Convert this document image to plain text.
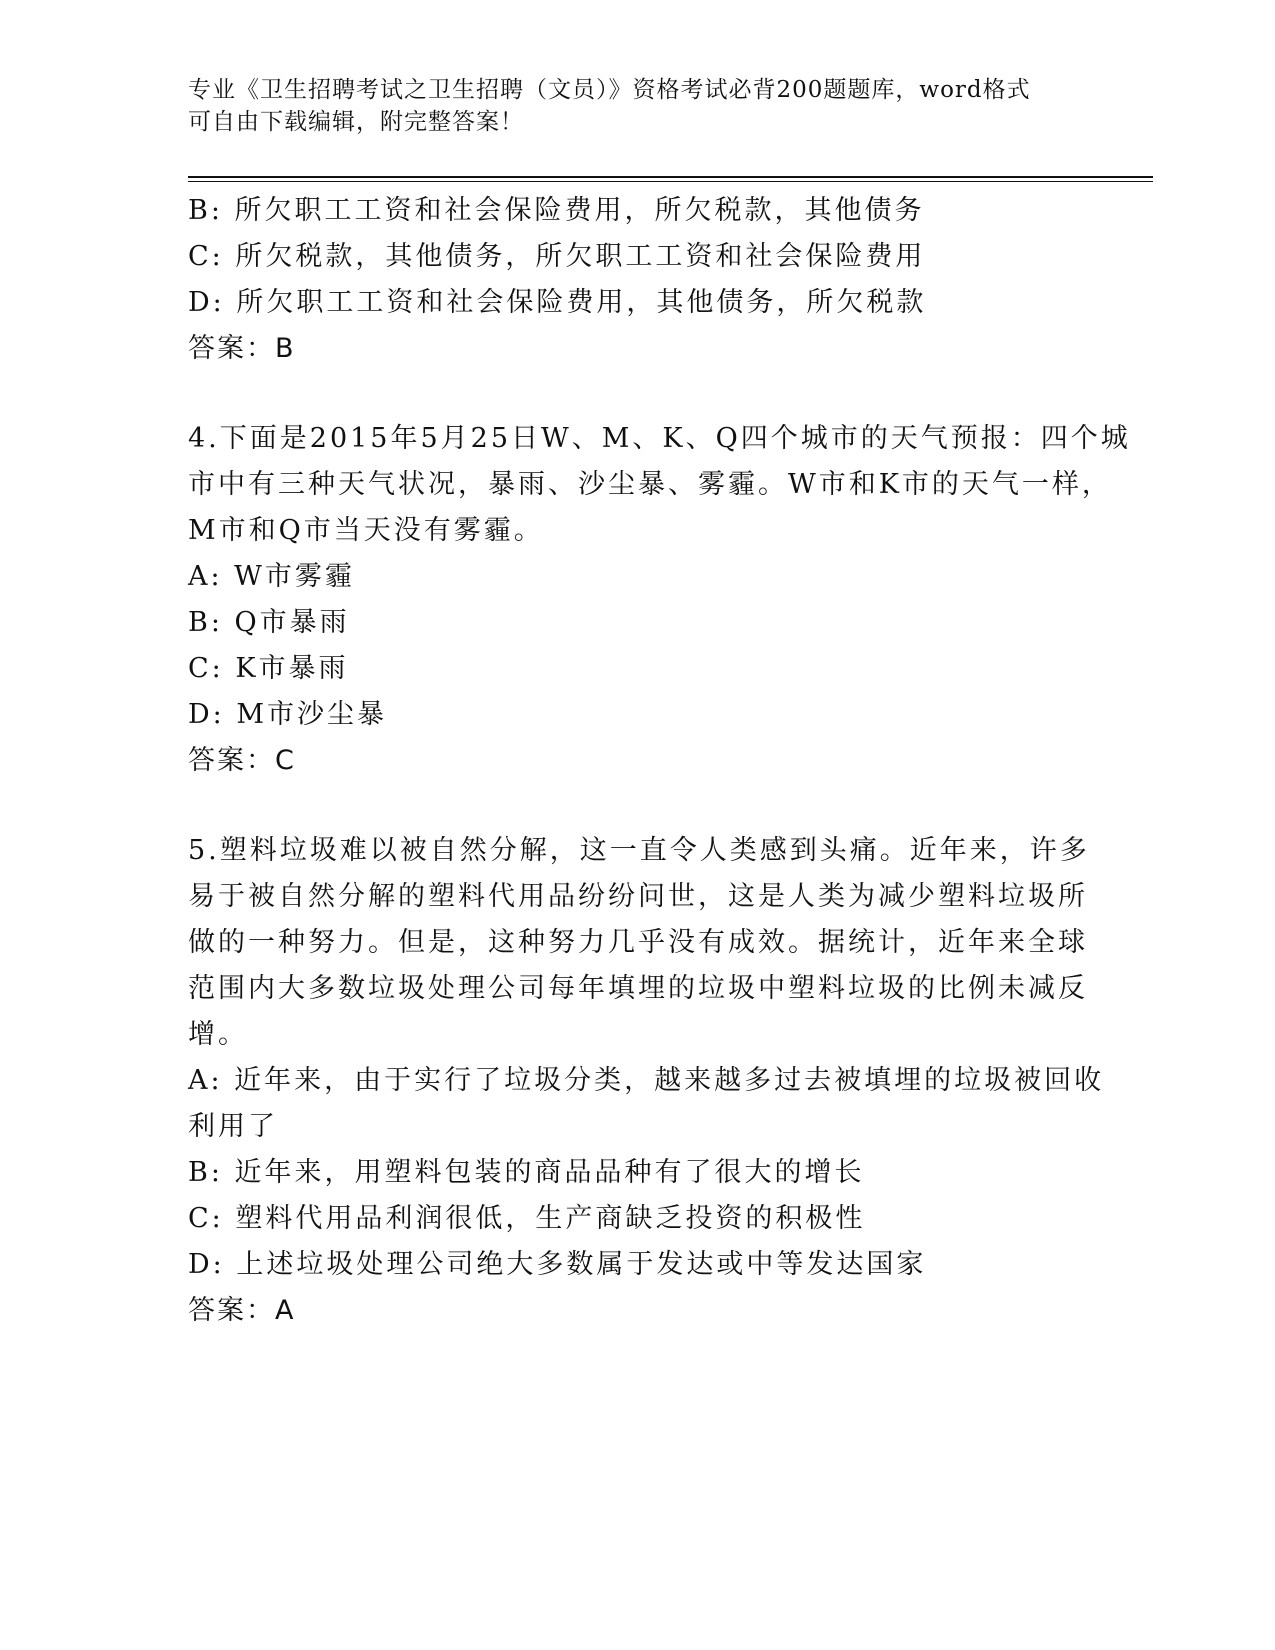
专业《卫生招聘考试之卫生招聘（文员）》资格考试必背200题题库，word格式
可自由下载编辑，附完整答案！
B: 所欠职工工资和社会保险费用，所欠税款，其他债务
C: 所欠税款，其他债务，所欠职工工资和社会保险费用
D: 所欠职工工资和社会保险费用，其他债务，所欠税款
答案：B
4.下面是2015年5月25日W、M、K、Q四个城市的天气预报：四个城
市中有三种天气状况，暴雨、沙尘暴、雾霾。W市和K市的天气一样，
M市和Q市当天没有雾霾。
A: W市雾霾
B: Q市暴雨
C: K市暴雨
D: M市沙尘暴
答案：C
5.塑料垃圾难以被自然分解，这一直令人类感到头痛。近年来，许多
易于被自然分解的塑料代用品纷纷问世，这是人类为减少塑料垃圾所
做的一种努力。但是，这种努力几乎没有成效。据统计，近年来全球
范围内大多数垃圾处理公司每年填埋的垃圾中塑料垃圾的比例未减反
增。
A: 近年来，由于实行了垃圾分类，越来越多过去被填埋的垃圾被回收
利用了
B: 近年来，用塑料包装的商品品种有了很大的增长
C: 塑料代用品利润很低，生产商缺乏投资的积极性
D: 上述垃圾处理公司绝大多数属于发达或中等发达国家
答案：A
